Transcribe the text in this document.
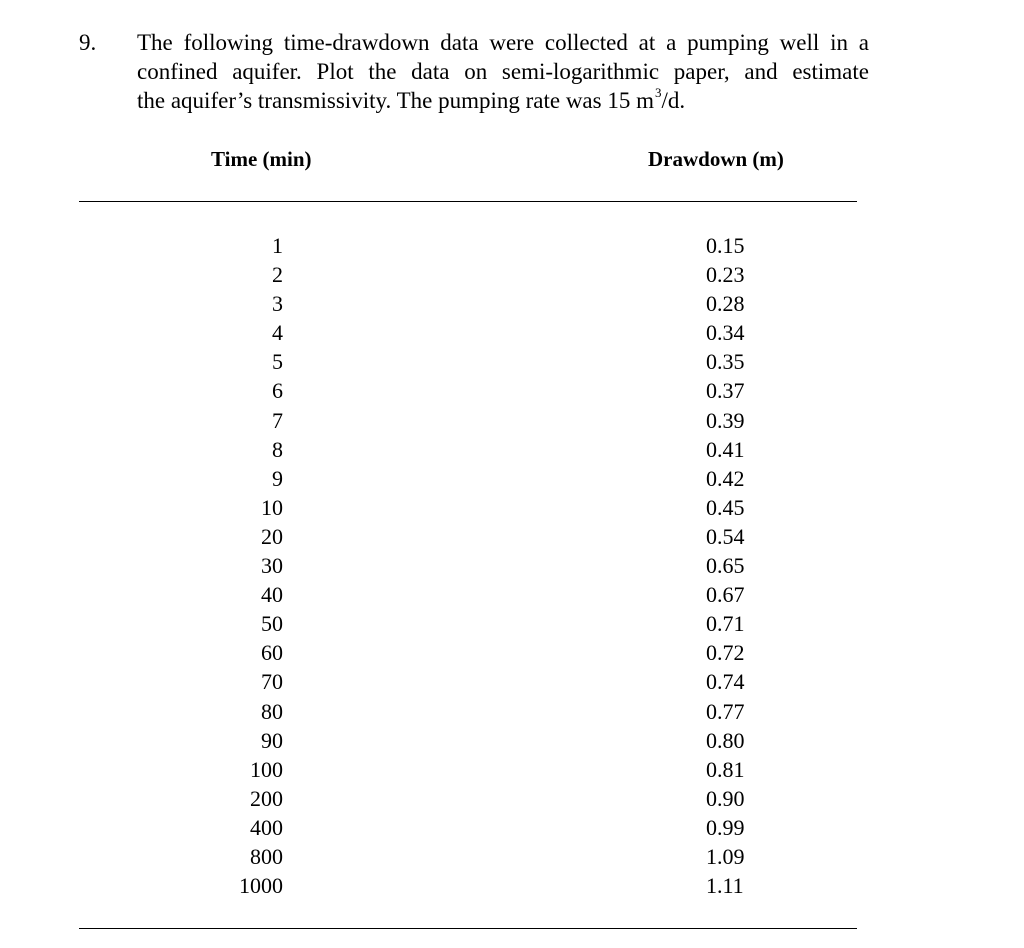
9. The following time-drawdown data were collected at a pumping well in a
confined aquifer. Plot the data on semi-logarithmic paper, and estimate
the aquifer’s transmissivity. The pumping rate was 15 $m^3/d$.
Time (min)	Drawdown (m)
1	0.15
2	0.23
3	0.28
4	0.34
5	0.35
6	0.37
7	0.39
8	0.41
9	0.42
10	0.45
20	0.54
30	0.65
40	0.67
50	0.71
60	0.72
70	0.74
80	0.77
90	0.80
100	0.81
200	0.90
400	0.99
800	1.09
1000	1.11
